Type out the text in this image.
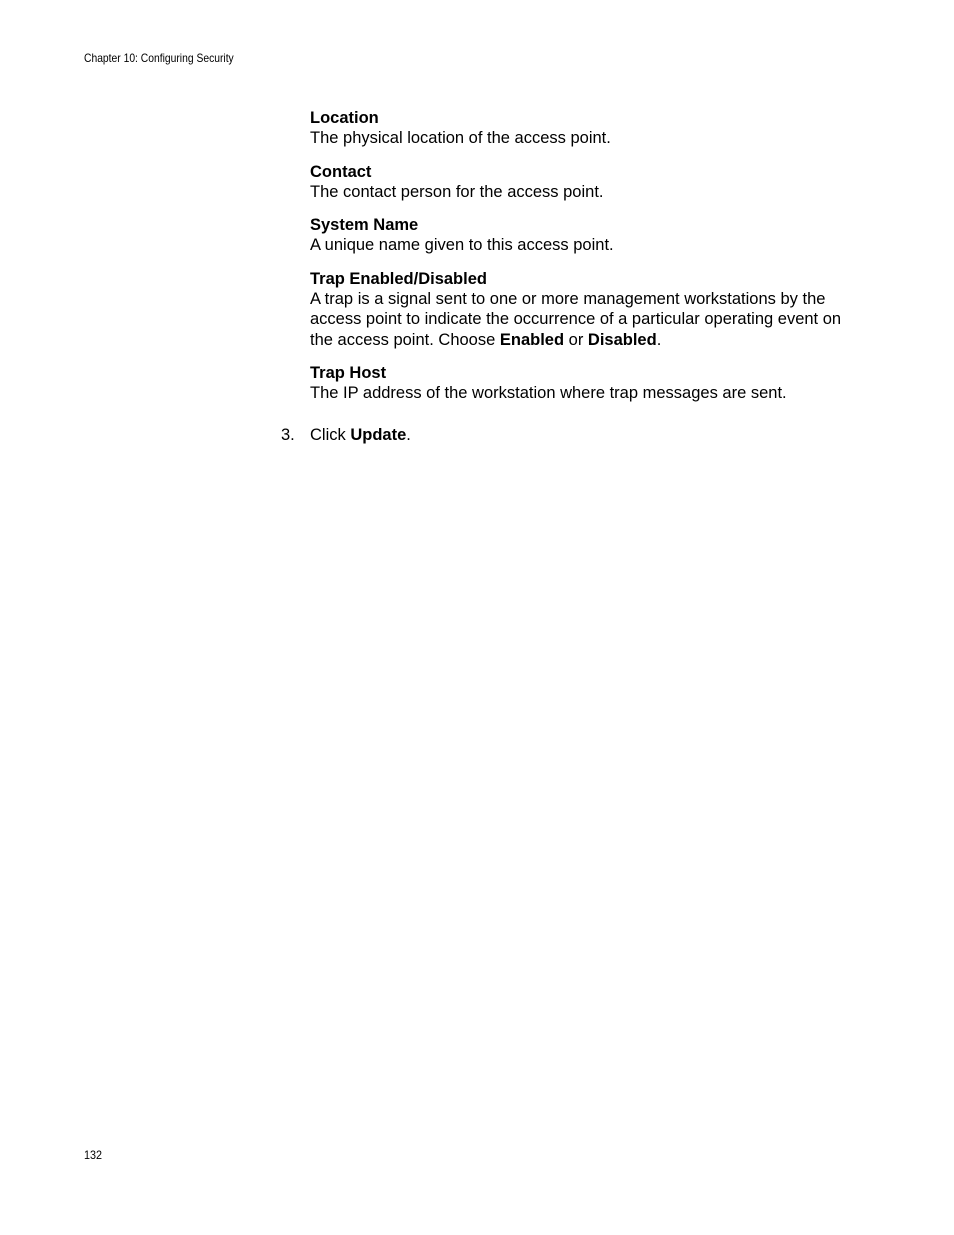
Chapter 10: Configuring Security
Location
The physical location of the access point.
Contact
The contact person for the access point.
System Name
A unique name given to this access point.
Trap Enabled/Disabled
A trap is a signal sent to one or more management workstations by the access point to indicate the occurrence of a particular operating event on the access point. Choose Enabled or Disabled.
Trap Host
The IP address of the workstation where trap messages are sent.
3. Click Update.
132
